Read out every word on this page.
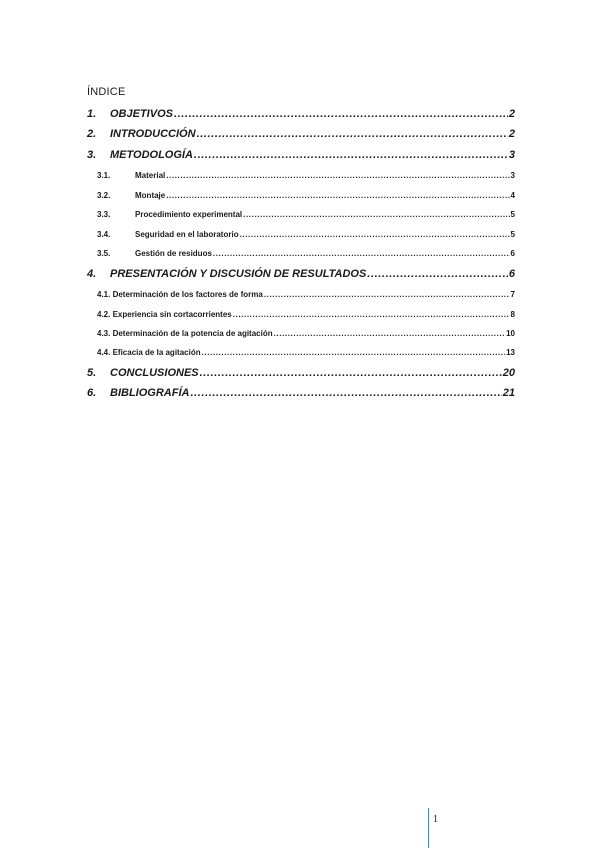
ÍNDICE
1.	OBJETIVOS .....	2
2.	INTRODUCCIÓN .....	2
3.	METODOLOGÍA .....	3
3.1.	Material .....	3
3.2.	Montaje .....	4
3.3.	Procedimiento experimental .....	5
3.4.	Seguridad en el laboratorio .....	5
3.5.	Gestión de residuos .....	6
4.	PRESENTACIÓN Y DISCUSIÓN DE RESULTADOS .....	6
4.1. Determinación de los factores de forma .....	7
4.2. Experiencia sin cortacorrientes .....	8
4.3. Determinación de la potencia de agitación .....	10
4.4. Eficacia de la agitación .....	13
5.	CONCLUSIONES .....	20
6.	BIBLIOGRAFÍA .....	21
1
